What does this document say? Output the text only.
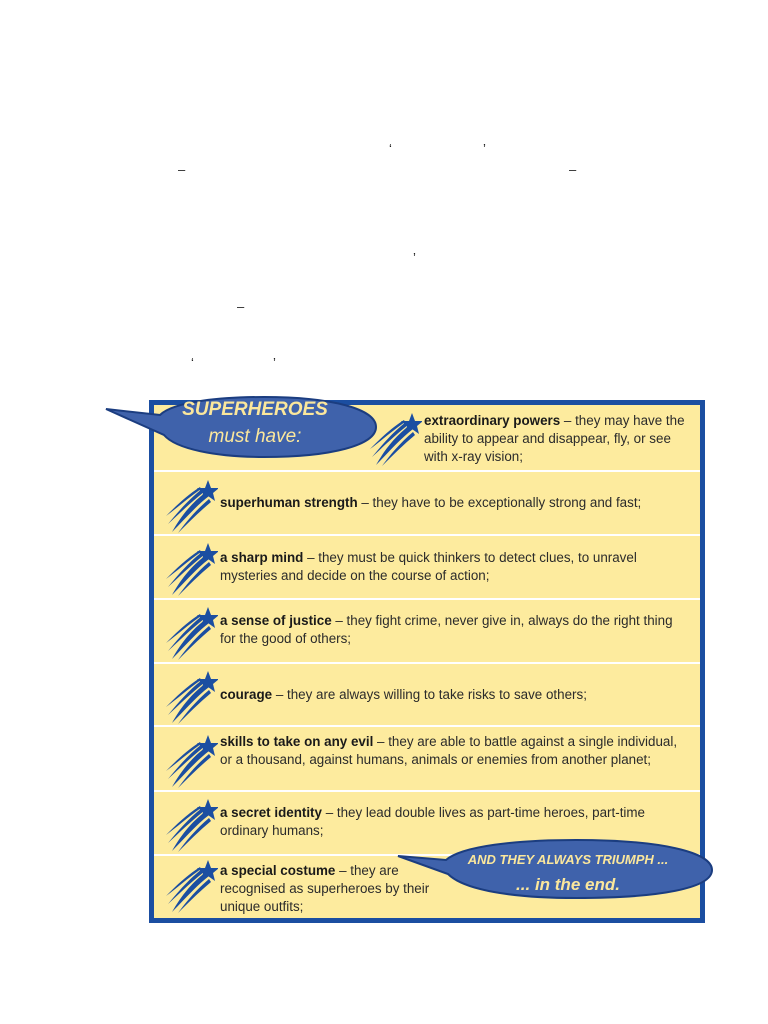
‘	’
–	–
’
–
‘	’
extraordinary powers – they may have the ability to appear and disappear, fly, or see with x-ray vision;
superhuman strength – they have to be exceptionally strong and fast;
a sharp mind – they must be quick thinkers to detect clues, to unravel mysteries and decide on the course of action;
a sense of justice – they fight crime, never give in, always do the right thing for the good of others;
courage – they are always willing to take risks to save others;
skills to take on any evil – they are able to battle against a single individual, or a thousand, against humans, animals or enemies from another planet;
a secret identity – they lead double lives as part-time heroes, part-time ordinary humans;
a special costume – they are recognised as superheroes by their unique outfits;
SUPERHEROES
must have:
AND THEY ALWAYS TRIUMPH ...
... in the end.
